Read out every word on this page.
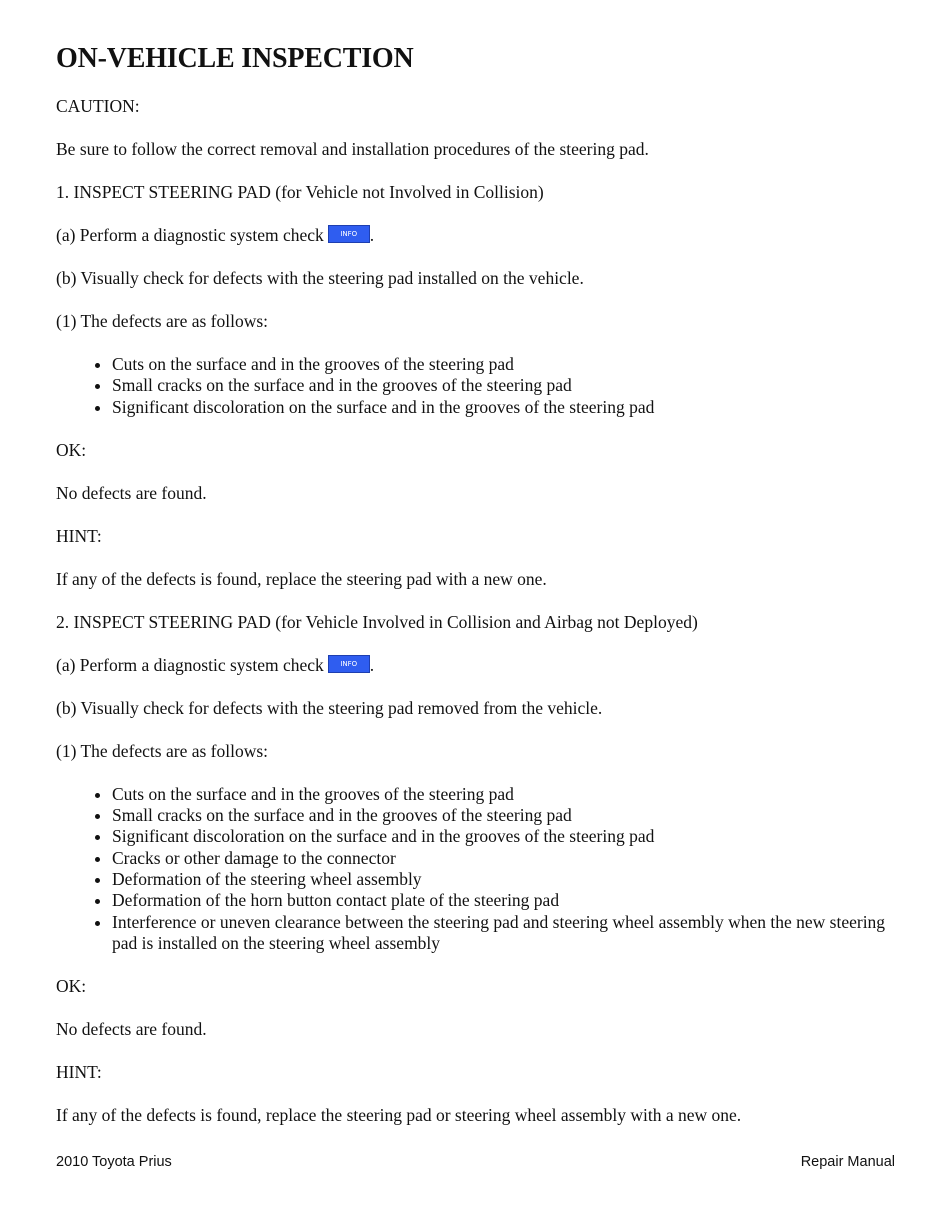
ON-VEHICLE INSPECTION

CAUTION:

Be sure to follow the correct removal and installation procedures of the steering pad.

1. INSPECT STEERING PAD (for Vehicle not Involved in Collision)

(a) Perform a diagnostic system check INFO .

(b) Visually check for defects with the steering pad installed on the vehicle.

(1) The defects are as follows:

• Cuts on the surface and in the grooves of the steering pad
• Small cracks on the surface and in the grooves of the steering pad
• Significant discoloration on the surface and in the grooves of the steering pad

OK:

No defects are found.

HINT:

If any of the defects is found, replace the steering pad with a new one.

2. INSPECT STEERING PAD (for Vehicle Involved in Collision and Airbag not Deployed)

(a) Perform a diagnostic system check INFO .

(b) Visually check for defects with the steering pad removed from the vehicle.

(1) The defects are as follows:

• Cuts on the surface and in the grooves of the steering pad
• Small cracks on the surface and in the grooves of the steering pad
• Significant discoloration on the surface and in the grooves of the steering pad
• Cracks or other damage to the connector
• Deformation of the steering wheel assembly
• Deformation of the horn button contact plate of the steering pad
• Interference or uneven clearance between the steering pad and steering wheel assembly when the new steering pad is installed on the steering wheel assembly

OK:

No defects are found.

HINT:

If any of the defects is found, replace the steering pad or steering wheel assembly with a new one.

2010 Toyota Prius	Repair Manual
